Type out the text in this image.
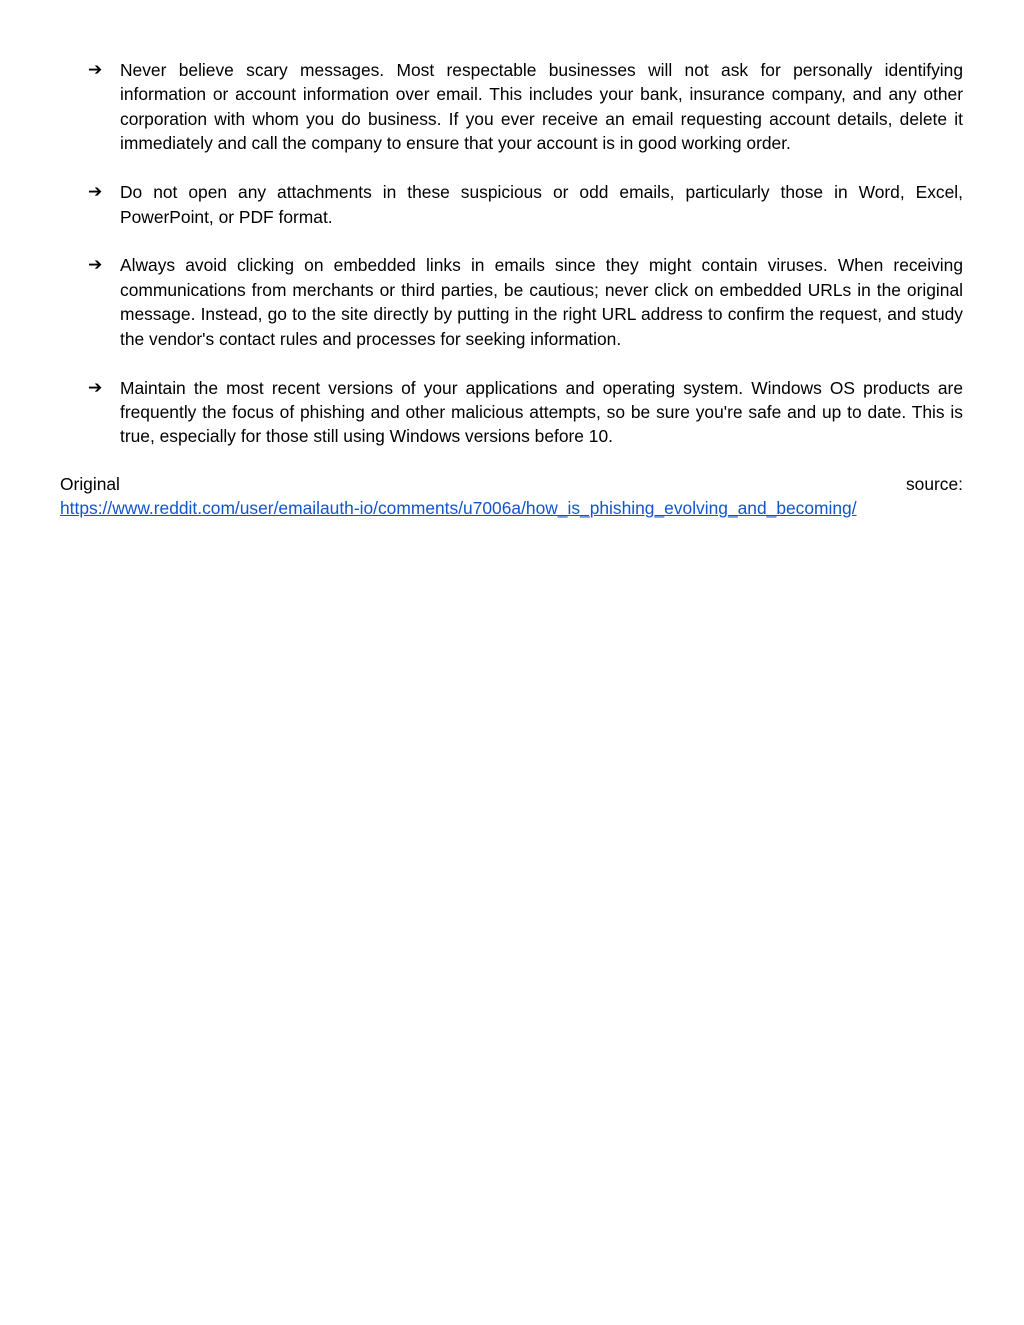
➔	Never believe scary messages. Most respectable businesses will not ask for personally identifying information or account information over email. This includes your bank, insurance company, and any other corporation with whom you do business. If you ever receive an email requesting account details, delete it immediately and call the company to ensure that your account is in good working order.
➔	Do not open any attachments in these suspicious or odd emails, particularly those in Word, Excel, PowerPoint, or PDF format.
➔	Always avoid clicking on embedded links in emails since they might contain viruses. When receiving communications from merchants or third parties, be cautious; never click on embedded URLs in the original message. Instead, go to the site directly by putting in the right URL address to confirm the request, and study the vendor's contact rules and processes for seeking information.
➔	Maintain the most recent versions of your applications and operating system. Windows OS products are frequently the focus of phishing and other malicious attempts, so be sure you're safe and up to date. This is true, especially for those still using Windows versions before 10.
Original	source:
https://www.reddit.com/user/emailauth-io/comments/u7006a/how_is_phishing_evolving_and_becoming/
